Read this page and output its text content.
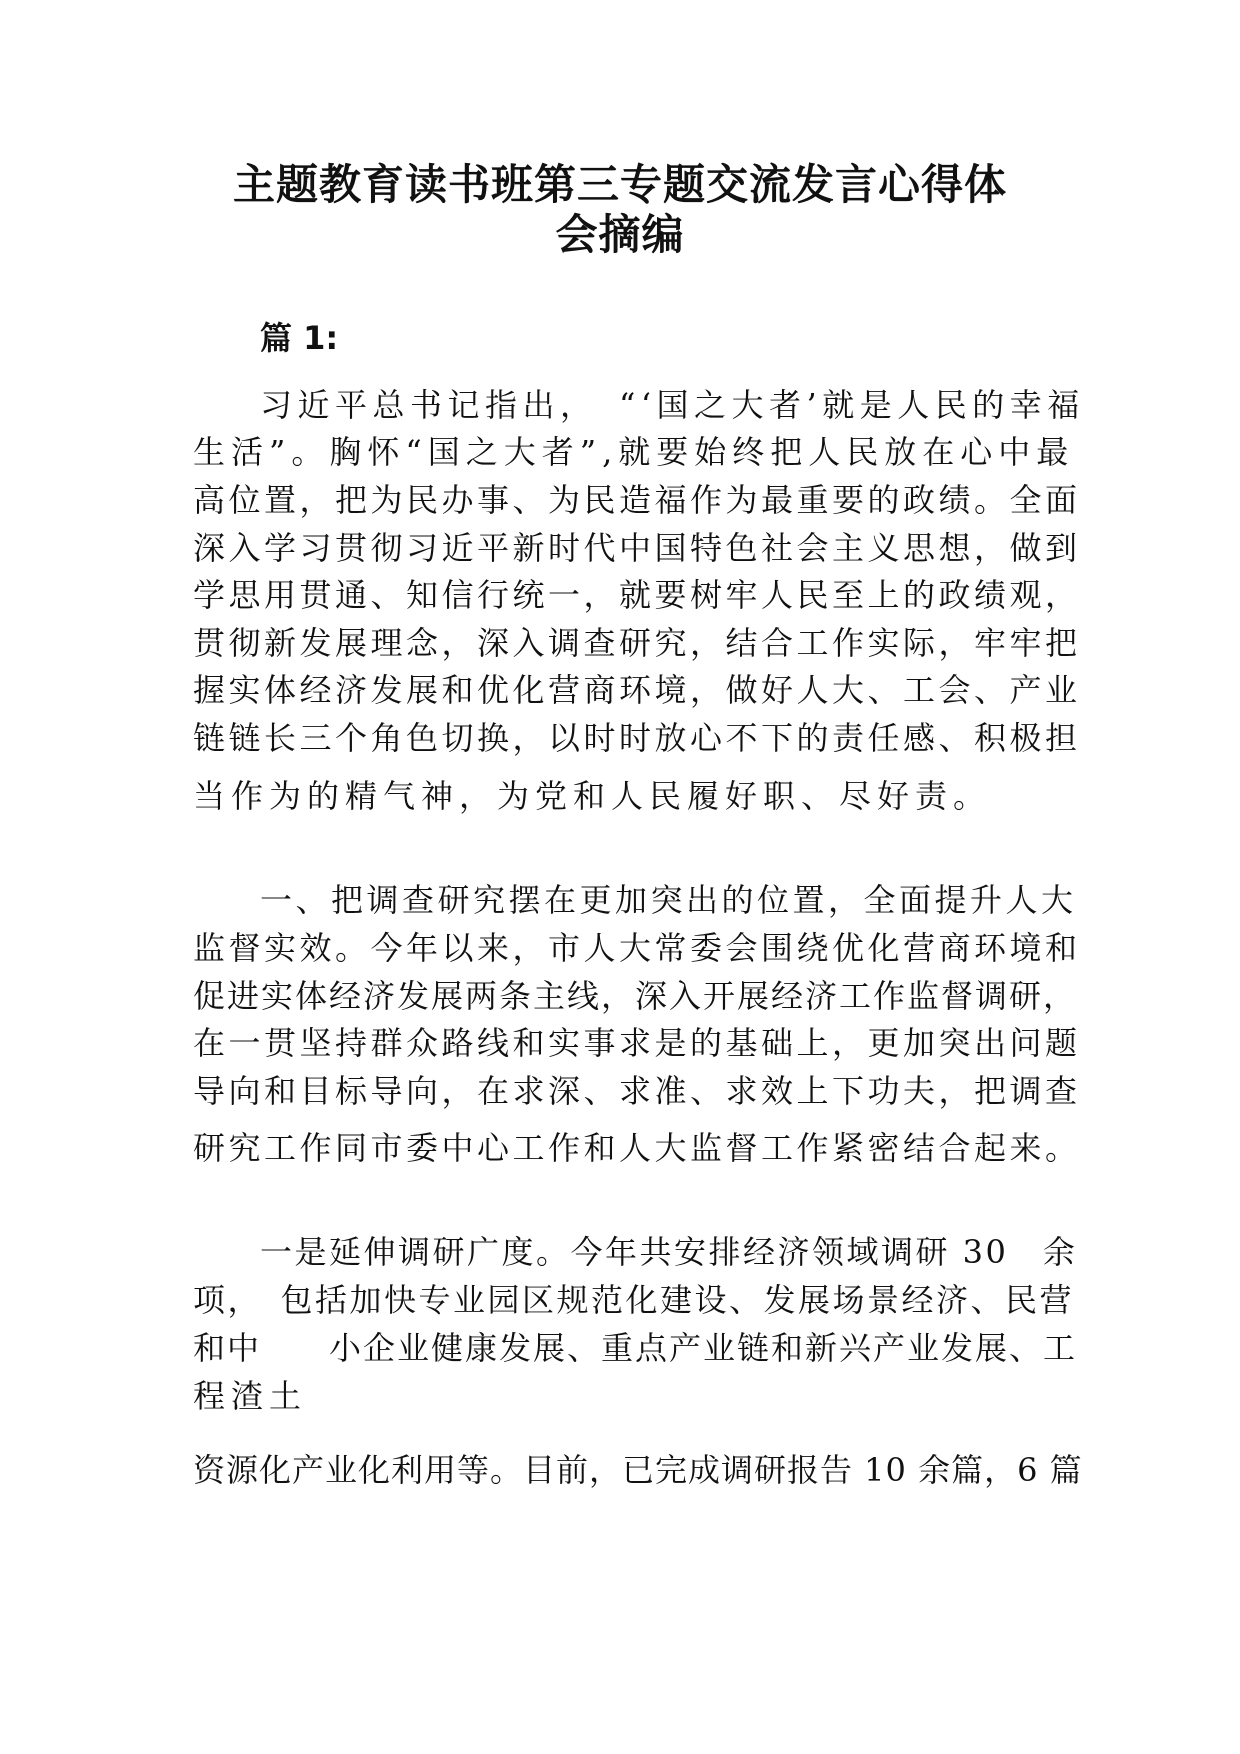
主题教育读书班第三专题交流发言心得体
会摘编
篇 1:
习近平总书记指出，　“‘国之大者’就是人民的幸福
生活”。胸怀“国之大者”,就要始终把人民放在心中最
高位置，把为民办事、为民造福作为最重要的政绩。全面
深入学习贯彻习近平新时代中国特色社会主义思想，做到
学思用贯通、知信行统一，就要树牢人民至上的政绩观，
贯彻新发展理念，深入调查研究，结合工作实际，牢牢把
握实体经济发展和优化营商环境，做好人大、工会、产业
链链长三个角色切换，以时时放心不下的责任感、积极担
当作为的精气神，为党和人民履好职、尽好责。
一、把调查研究摆在更加突出的位置，全面提升人大
监督实效。今年以来，市人大常委会围绕优化营商环境和
促进实体经济发展两条主线，深入开展经济工作监督调研，
在一贯坚持群众路线和实事求是的基础上，更加突出问题
导向和目标导向，在求深、求准、求效上下功夫，把调查
研究工作同市委中心工作和人大监督工作紧密结合起来。
一是延伸调研广度。今年共安排经济领域调研 30　余
项，　包括加快专业园区规范化建设、发展场景经济、民营
和中　　小企业健康发展、重点产业链和新兴产业发展、工
程渣土
资源化产业化利用等。目前，已完成调研报告 10 余篇，6 篇
